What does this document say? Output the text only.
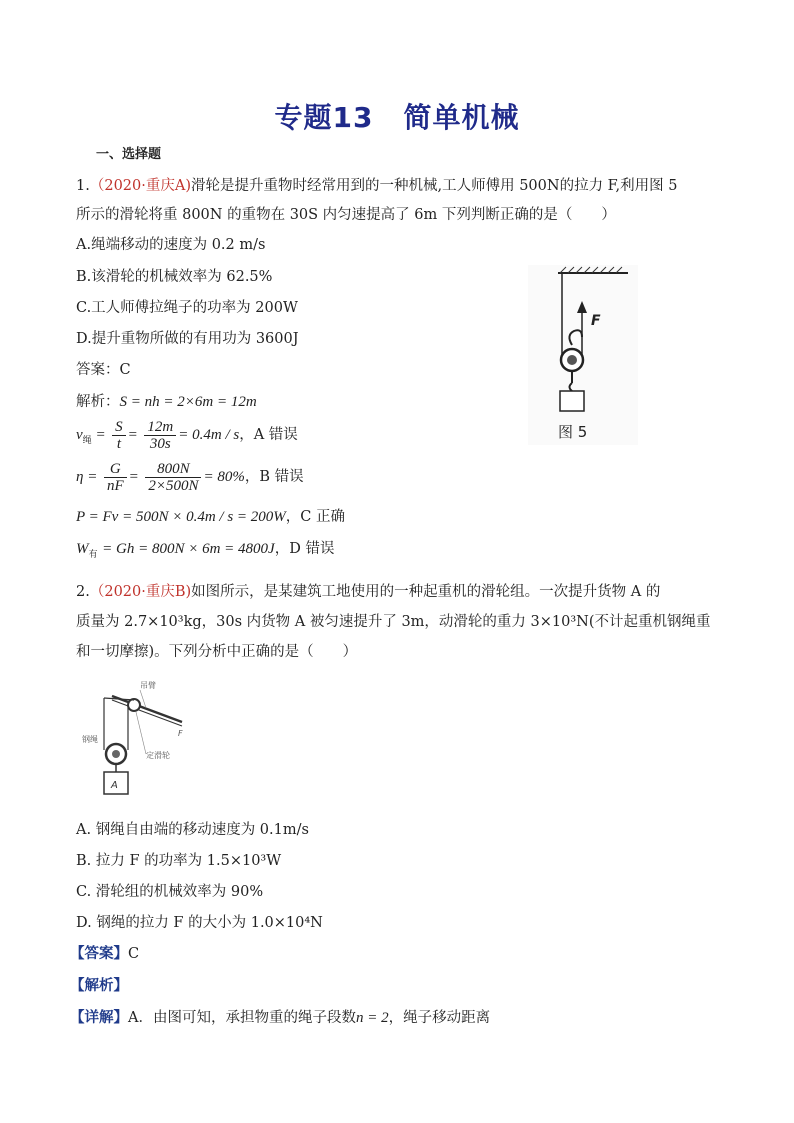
专题13 简单机械
一、选择题
1.（2020·重庆A)滑轮是提升重物时经常用到的一种机械,工人师傅用 500N的拉力 F,利用图 5
所示的滑轮将重 800N 的重物在 30S 内匀速提高了 6m 下列判断正确的是（　　）
A.绳端移动的速度为 0.2 m/s
B.该滑轮的机械效率为 62.5%
C.工人师傅拉绳子的功率为 200W
D.提升重物所做的有用功为 3600J
答案：C
解析：S = nh = 2×6m = 12m
$v_绳 = \frac{S}{t} = \frac{12m}{30s} = 0.4m / s$，A 错误
$\eta = \frac{G}{nF} = \frac{800N}{2\times 500N} = 80\%$，B 错误
P = Fv = 500N × 0.4m / s = 200W，C 正确
$W_有 = Gh = 800N \times 6m = 4800J$，D 错误
F
图 5
2.（2020·重庆B)如图所示，是某建筑工地使用的一种起重机的滑轮组。一次提升货物 A 的
质量为 2.7×10³kg，30s 内货物 A 被匀速提升了 3m，动滑轮的重力 3×10³N(不计起重机钢绳重
和一切摩擦)。下列分析中正确的是（　　）
A
吊臂
钢绳
定滑轮
F
A. 钢绳自由端的移动速度为 0.1m/s
B. 拉力 F 的功率为 1.5×10³W
C. 滑轮组的机械效率为 90%
D. 钢绳的拉力 F 的大小为 1.0×10⁴N
【答案】C
【解析】
【详解】A．由图可知，承担物重的绳子段数n = 2，绳子移动距离
